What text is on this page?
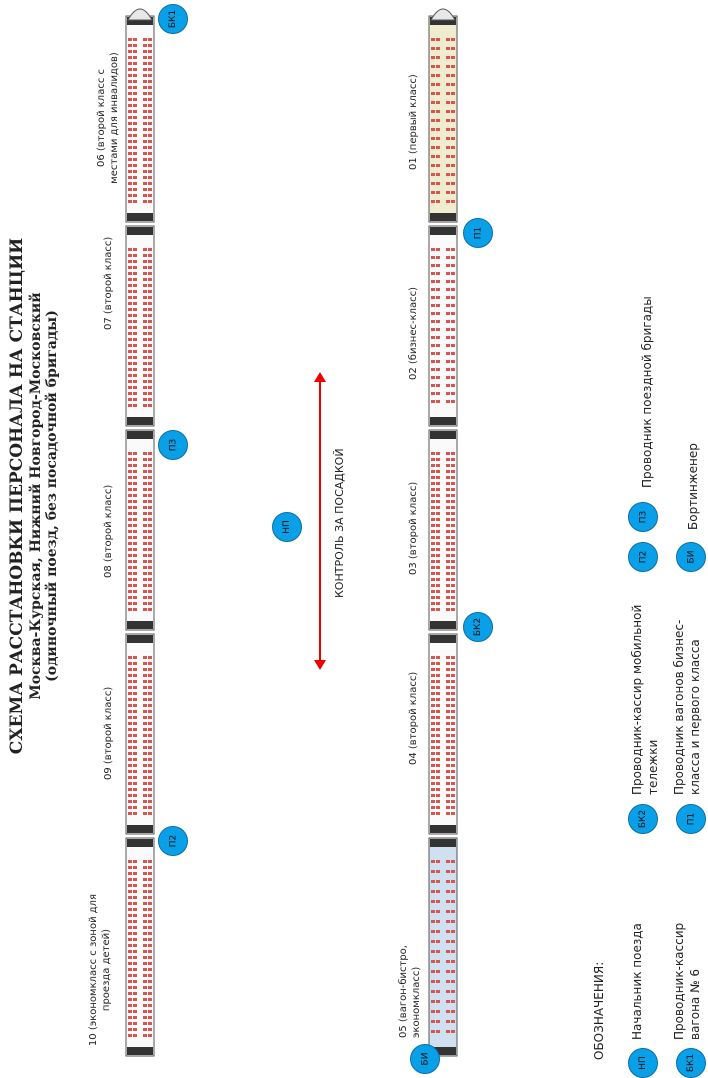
СХЕМА РАССТАНОВКИ ПЕРСОНАЛА НА СТАНЦИИ Москва-Курская, Нижний Новгород-Московский (одиночный поезд, без посадочной бригады)
10 (экономкласс с зоной для проезда детей)
09 (второй класс)
08 (второй класс)
07 (второй класс)
06 (второй класс с местами для инвалидов)
05 (вагон-бистро, экономкласс)
04 (второй класс)
03 (второй класс)
02 (бизнес-класс)
01 (первый класс)
БК1
П3
П2
НП
П1
БК2
БИ
КОНТРОЛЬ ЗА ПОСАДКОЙ
ОБОЗНАЧЕНИЯ:
НП
Начальник поезда
БК1
Проводник-кассир вагона № 6
БК2
Проводник-кассир мобильной тележки
П1
Проводник вагонов бизнес-класса и первого класса
П2
П3
Проводник поездной бригады
БИ
Бортинженер
